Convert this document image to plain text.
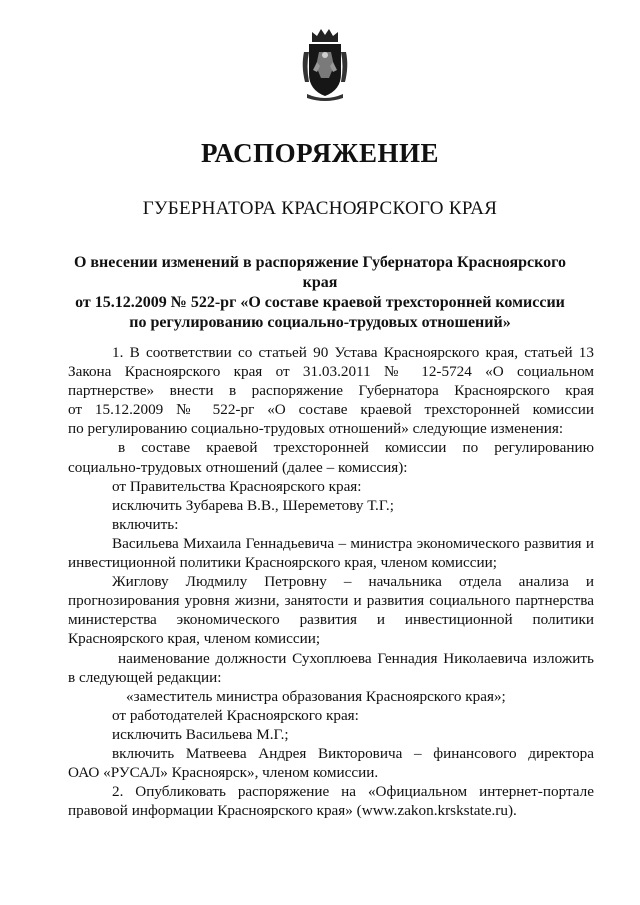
РАСПОРЯЖЕНИЕ
ГУБЕРНАТОРА КРАСНОЯРСКОГО КРАЯ
О внесении изменений в распоряжение Губернатора Красноярского края
от 15.12.2009 № 522-рг «О составе краевой трехсторонней комиссии
по регулированию социально-трудовых отношений»

1. В соответствии со статьей 90 Устава Красноярского края, статьей 13

Закона Красноярского края от 31.03.2011 № 12-5724 «О социальном

партнерстве» внести в распоряжение Губернатора Красноярского края

от 15.12.2009 № 522-рг «О составе краевой трехсторонней комиссии

по регулированию социально-трудовых отношений» следующие изменения:

в составе краевой трехсторонней комиссии по регулированию

социально-трудовых отношений (далее – комиссия):

от Правительства Красноярского края:

исключить Зубарева В.В., Шереметову Т.Г.;

включить:

Васильева Михаила Геннадьевича – министра экономического развития и

инвестиционной политики Красноярского края, членом комиссии;

Жиглову Людмилу Петровну – начальника отдела анализа и

прогнозирования уровня жизни, занятости и развития социального партнерства

министерства экономического развития и инвестиционной политики

Красноярского края, членом комиссии;

наименование должности Сухоплюева Геннадия Николаевича изложить

в следующей редакции:

«заместитель министра образования Красноярского края»;

от работодателей Красноярского края:

исключить Васильева М.Г.;

включить Матвеева Андрея Викторовича – финансового директора

ОАО «РУСАЛ» Красноярск», членом комиссии.

2. Опубликовать распоряжение на «Официальном интернет-портале

правовой информации Красноярского края» (www.zakon.krskstate.ru).
